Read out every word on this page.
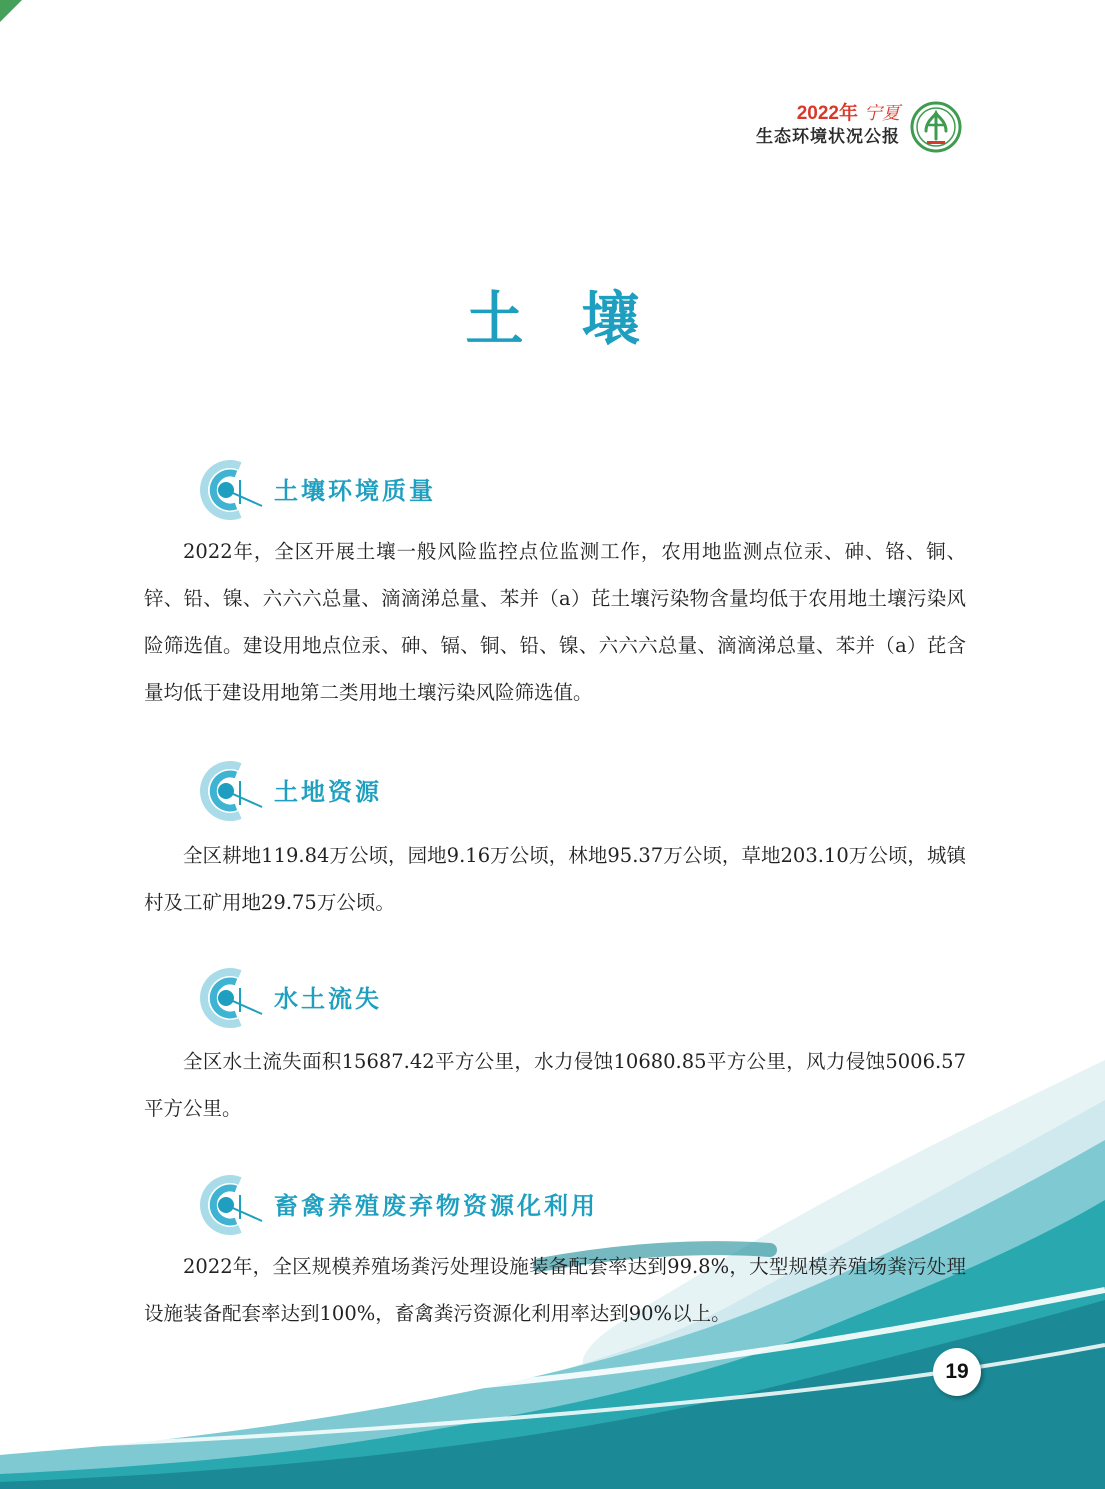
2022年 宁夏
生态环境状况公报
土壤
土壤环境质量

2022年，全区开展土壤一般风险监控点位监测工作，农用地监测点位汞、砷、铬、铜、锌、铅、镍、六六六总量、滴滴涕总量、苯并（a）芘土壤污染物含量均低于农用地土壤污染风险筛选值。建设用地点位汞、砷、镉、铜、铅、镍、六六六总量、滴滴涕总量、苯并（a）芘含量均低于建设用地第二类用地土壤污染风险筛选值。

土地资源

全区耕地119.84万公顷，园地9.16万公顷，林地95.37万公顷，草地203.10万公顷，城镇村及工矿用地29.75万公顷。

水土流失

全区水土流失面积15687.42平方公里，水力侵蚀10680.85平方公里，风力侵蚀5006.57平方公里。

畜禽养殖废弃物资源化利用

2022年，全区规模养殖场粪污处理设施装备配套率达到99.8%，大型规模养殖场粪污处理设施装备配套率达到100%，畜禽粪污资源化利用率达到90%以上。

19
